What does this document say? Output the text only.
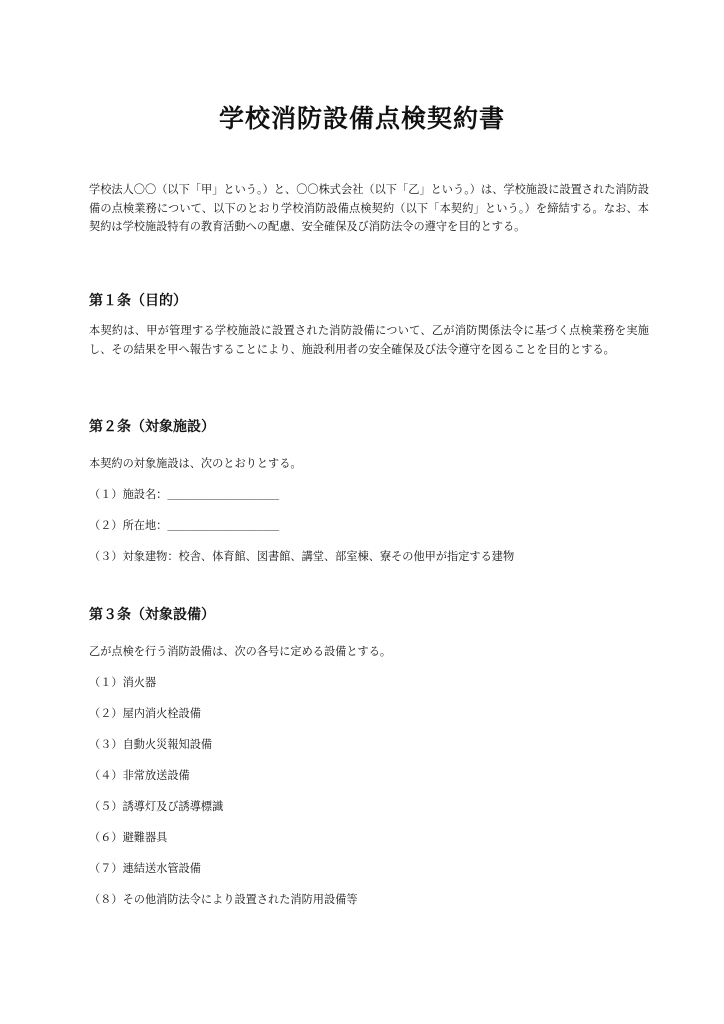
学校消防設備点検契約書

学校法人〇〇（以下「甲」という。）と、〇〇株式会社（以下「乙」という。）は、学校施設に設置された消防設備の点検業務について、以下のとおり学校消防設備点検契約（以下「本契約」という。）を締結する。なお、本契約は学校施設特有の教育活動への配慮、安全確保及び消防法令の遵守を目的とする。

第１条（目的）

本契約は、甲が管理する学校施設に設置された消防設備について、乙が消防関係法令に基づく点検業務を実施し、その結果を甲へ報告することにより、施設利用者の安全確保及び法令遵守を図ることを目的とする。

第２条（対象施設）

本契約の対象施設は、次のとおりとする。

（１）施設名：＿＿＿＿＿＿＿＿＿＿

（２）所在地：＿＿＿＿＿＿＿＿＿＿

（３）対象建物：校舎、体育館、図書館、講堂、部室棟、寮その他甲が指定する建物

第３条（対象設備）

乙が点検を行う消防設備は、次の各号に定める設備とする。

（１）消火器

（２）屋内消火栓設備

（３）自動火災報知設備

（４）非常放送設備

（５）誘導灯及び誘導標識

（６）避難器具

（７）連結送水管設備

（８）その他消防法令により設置された消防用設備等
